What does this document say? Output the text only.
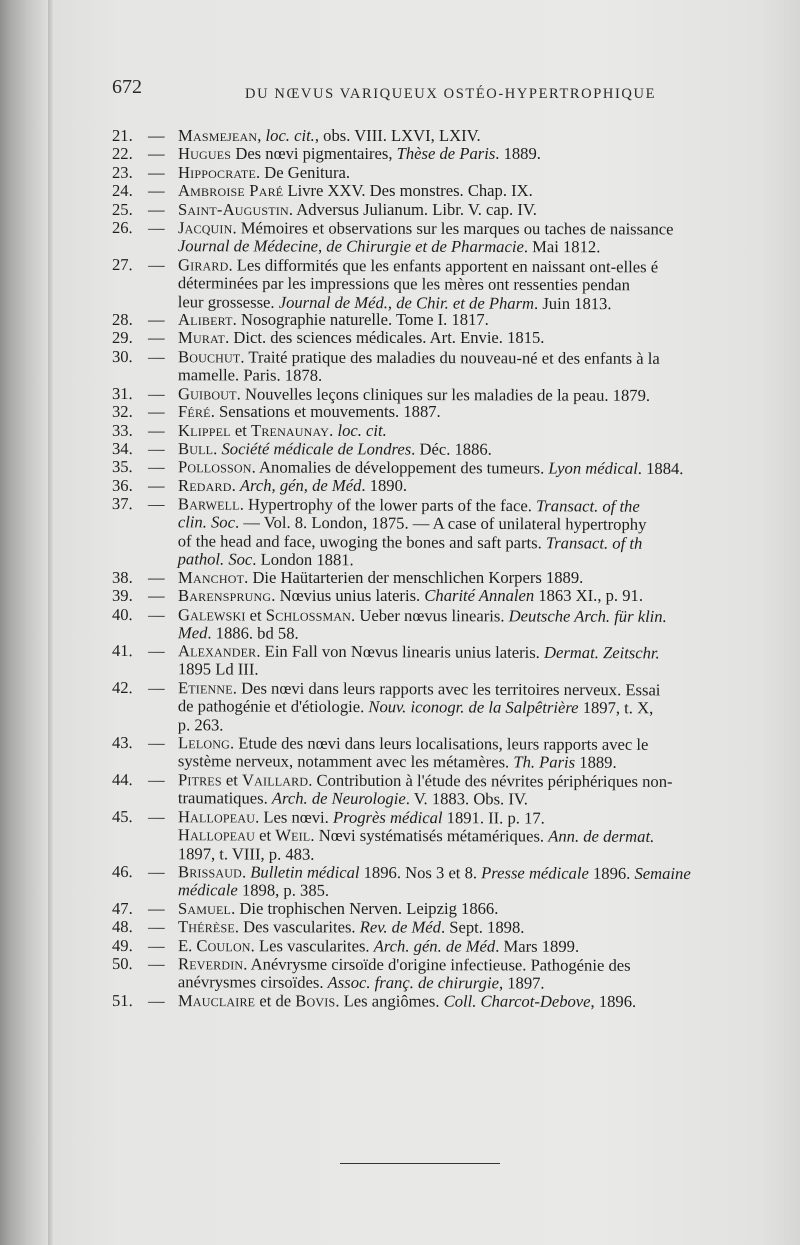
672	DU NŒVUS VARIQUEUX OSTÉO-HYPERTROPHIQUE
21. — Masmejean, loc. cit., obs. VIII. LXVI, LXIV.
22. — Hugues Des nœvi pigmentaires, Thèse de Paris. 1889.
23. — Hippocrate. De Genitura.
24. — Ambroise Paré Livre XXV. Des monstres. Chap. IX.
25. — Saint-Augustin. Adversus Julianum. Libr. V. cap. IV.
26. — Jacquin. Mémoires et observations sur les marques ou taches de naissance
Journal de Médecine, de Chirurgie et de Pharmacie. Mai 1812.
27. — Girard. Les difformités que les enfants apportent en naissant ont-elles é
déterminées par les impressions que les mères ont ressenties pendan
leur grossesse. Journal de Méd., de Chir. et de Pharm. Juin 1813.
28. — Alibert. Nosographie naturelle. Tome I. 1817.
29. — Murat. Dict. des sciences médicales. Art. Envie. 1815.
30. — Bouchut. Traité pratique des maladies du nouveau-né et des enfants à la
mamelle. Paris. 1878.
31. — Guibout. Nouvelles leçons cliniques sur les maladies de la peau. 1879.
32. — Féré. Sensations et mouvements. 1887.
33. — Klippel et Trenaunay. loc. cit.
34. — Bull. Société médicale de Londres. Déc. 1886.
35. — Pollosson. Anomalies de développement des tumeurs. Lyon médical. 1884.
36. — Redard. Arch, gén, de Méd. 1890.
37. — Barwell. Hypertrophy of the lower parts of the face. Transact. of the
clin. Soc. — Vol. 8. London, 1875. — A case of unilateral hypertrophy
of the head and face, uwoging the bones and saft parts. Transact. of th
pathol. Soc. London 1881.
38. — Manchot. Die Haütarterien der menschlichen Korpers 1889.
39. — Barensprung. Nœvius unius lateris. Charité Annalen 1863 XI., p. 91.
40. — Galewski et Schlossman. Ueber nœvus linearis. Deutsche Arch. für klin.
Med. 1886. bd 58.
41. — Alexander. Ein Fall von Nœvus linearis unius lateris. Dermat. Zeitschr.
1895 Ld III.
42. — Etienne. Des nœvi dans leurs rapports avec les territoires nerveux. Essai
de pathogénie et d'étiologie. Nouv. iconogr. de la Salpêtrière 1897, t. X,
p. 263.
43. — Lelong. Etude des nœvi dans leurs localisations, leurs rapports avec le
système nerveux, notamment avec les métamères. Th. Paris 1889.
44. — Pitres et Vaillard. Contribution à l'étude des névrites périphériques non-
traumatiques. Arch. de Neurologie. V. 1883. Obs. IV.
45. — Hallopeau. Les nœvi. Progrès médical 1891. II. p. 17.
Hallopeau et Weil. Nœvi systématisés métamériques. Ann. de dermat.
1897, t. VIII, p. 483.
46. — Brissaud. Bulletin médical 1896. Nos 3 et 8. Presse médicale 1896. Semaine
médicale 1898, p. 385.
47. — Samuel. Die trophischen Nerven. Leipzig 1866.
48. — Thérèse. Des vascularites. Rev. de Méd. Sept. 1898.
49. — E. Coulon. Les vascularites. Arch. gén. de Méd. Mars 1899.
50. — Reverdin. Anévrysme cirsoïde d'origine infectieuse. Pathogénie des
anévrysmes cirsoïdes. Assoc. franç. de chirurgie, 1897.
51. — Mauclaire et de Bovis. Les angiômes. Coll. Charcot-Debove, 1896.
